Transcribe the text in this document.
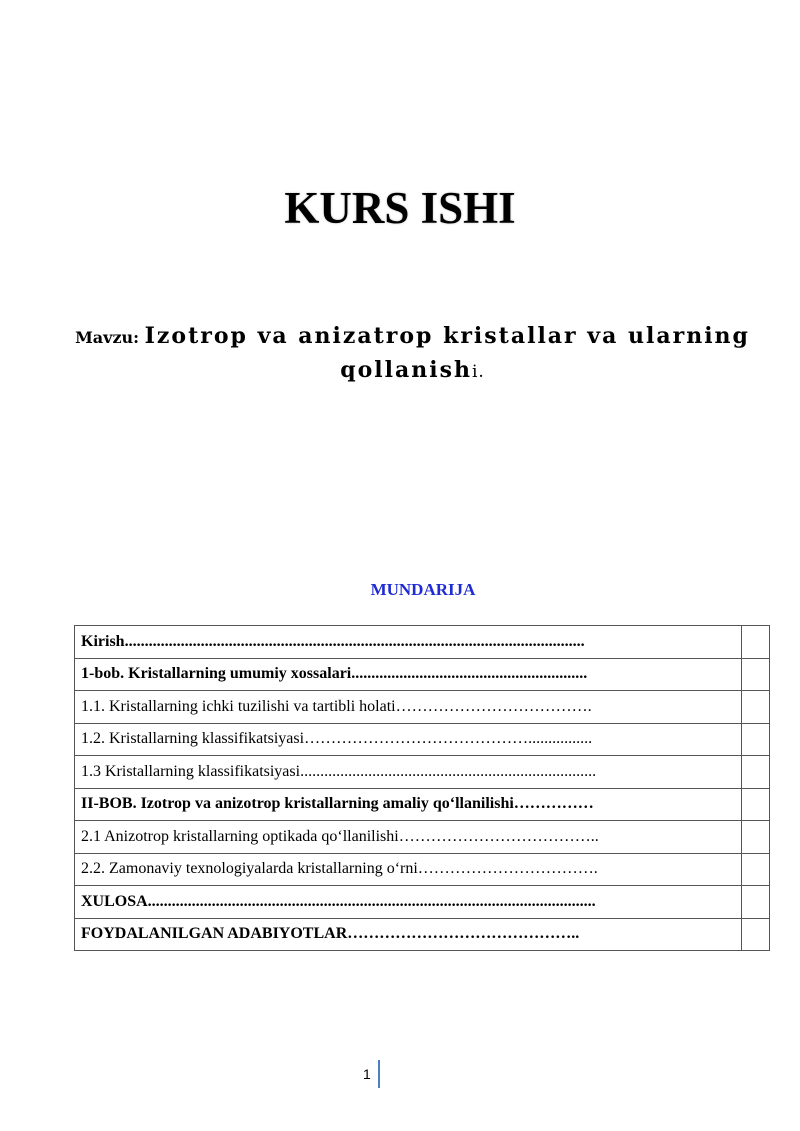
KURS ISHI
Mavzu: Izotrop va anizatrop kristallar va ularning qollanishi.
MUNDARIJA
Kirish...................................................................................................................	
1-bob. Kristallarning umumiy xossalari...........................................................	
1.1. Kristallarning ichki tuzilishi va tartibli holati……………………………….	
1.2. Kristallarning klassifikatsiyasi……………………………………................	
1.3 Kristallarning klassifikatsiyasi..........................................................................	
II-BOB. Izotrop va anizotrop kristallarning amaliy qo‘llanilishi……………	
2.1 Anizotrop kristallarning optikada qo‘llanilishi………………………………..	
2.2. Zamonaviy texnologiyalarda kristallarning o‘rni…………………………….	
XULOSA................................................................................................................	
FOYDALANILGAN ADABIYOTLAR……………………………………..	
1
